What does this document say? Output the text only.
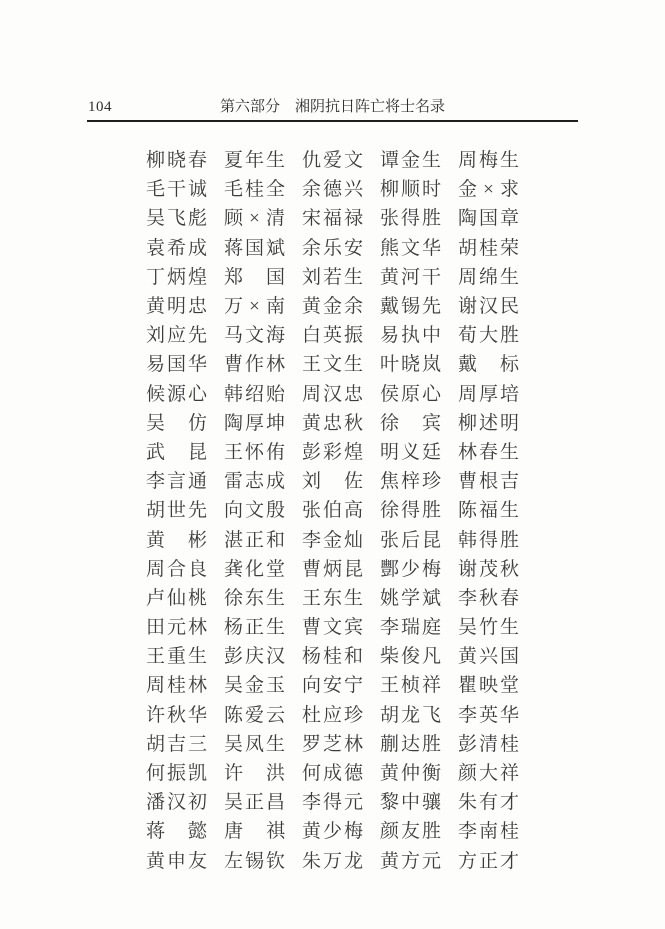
104	第六部分 湘阴抗日阵亡将士名录
柳 晓 春 夏 年 生 仇 爱 文 谭 金 生 周 梅 生
毛 干 诚 毛 桂 全 余 德 兴 柳 顺 时 金 × 求
吴 飞 彪 顾 × 清 宋 福 禄 张 得 胜 陶 国 章
袁 希 成 蒋 国 斌 余 乐 安 熊 文 华 胡 桂 荣
丁 炳 煌 郑 国 刘 若 生 黄 河 干 周 绵 生
黄 明 忠 万 × 南 黄 金 余 戴 锡 先 谢 汉 民
刘 应 先 马 文 海 白 英 振 易 执 中 荀 大 胜
易 国 华 曹 作 林 王 文 生 叶 晓 岚 戴 标
候 源 心 韩 绍 贻 周 汉 忠 侯 原 心 周 厚 培
吴 仿 陶 厚 坤 黄 忠 秋 徐 宾 柳 述 明
武 昆 王 怀 侑 彭 彩 煌 明 义 廷 林 春 生
李 言 通 雷 志 成 刘 佐 焦 梓 珍 曹 根 吉
胡 世 先 向 文 殷 张 伯 高 徐 得 胜 陈 福 生
黄 彬 湛 正 和 李 金 灿 张 后 昆 韩 得 胜
周 合 良 龚 化 堂 曹 炳 昆 酆 少 梅 谢 茂 秋
卢 仙 桃 徐 东 生 王 东 生 姚 学 斌 李 秋 春
田 元 林 杨 正 生 曹 文 宾 李 瑞 庭 吴 竹 生
王 重 生 彭 庆 汉 杨 桂 和 柴 俊 凡 黄 兴 国
周 桂 林 吴 金 玉 向 安 宁 王 桢 祥 瞿 映 堂
许 秋 华 陈 爱 云 杜 应 珍 胡 龙 飞 李 英 华
胡 吉 三 吴 凤 生 罗 芝 林 蒯 达 胜 彭 清 桂
何 振 凯 许 洪 何 成 德 黄 仲 衡 颜 大 祥
潘 汉 初 吴 正 昌 李 得 元 黎 中 骧 朱 有 才
蒋 懿 唐 祺 黄 少 梅 颜 友 胜 李 南 桂
黄 申 友 左 锡 钦 朱 万 龙 黄 方 元 方 正 才
